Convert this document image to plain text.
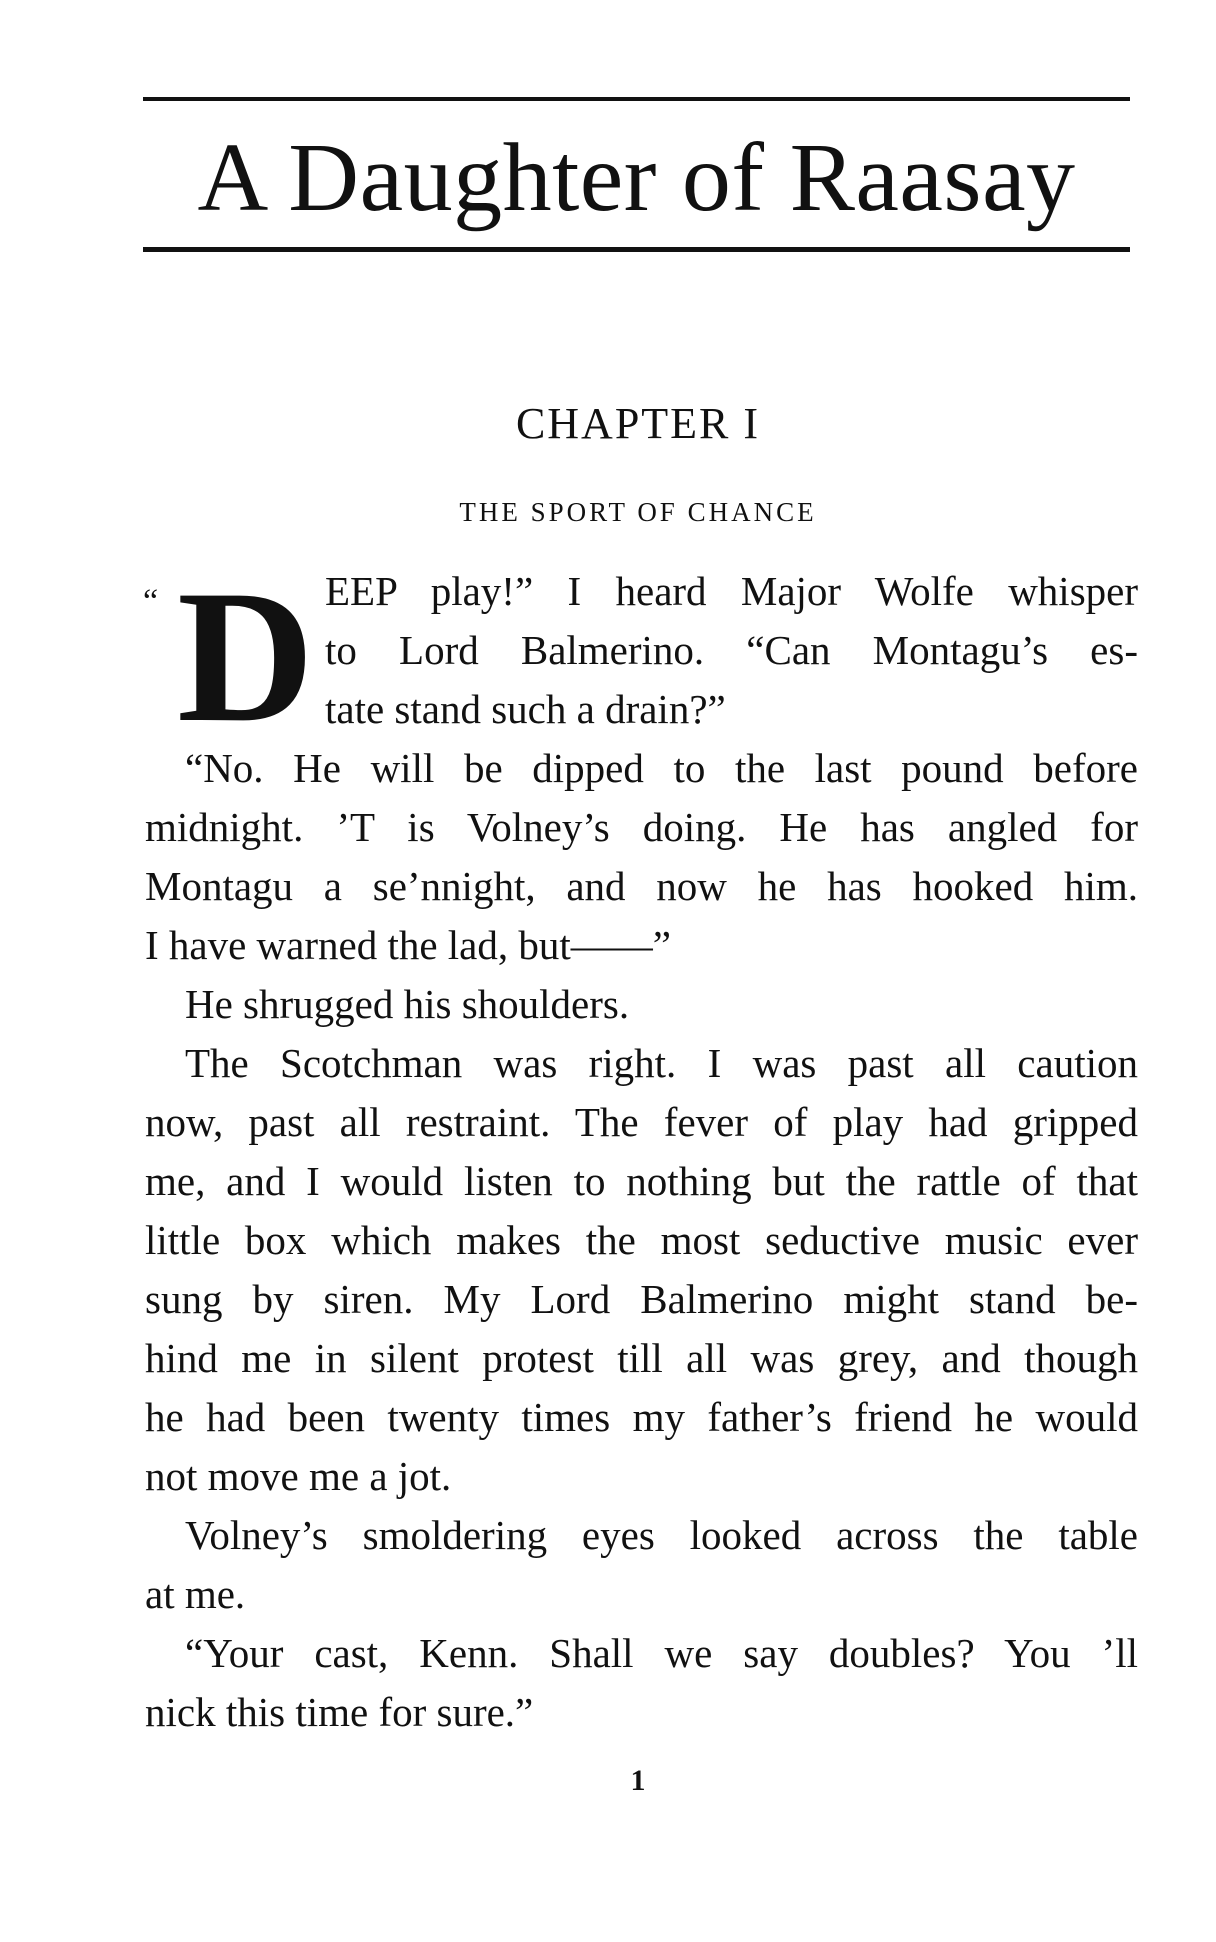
A Daughter of Raasay
CHAPTER I
THE SPORT OF CHANCE
“ D EEP play!” I heard Major Wolfe whisper
to Lord Balmerino. “Can Montagu’s es-
tate stand such a drain?”
“No. He will be dipped to the last pound before
midnight. ’T is Volney’s doing. He has angled for
Montagu a se’nnight, and now he has hooked him.
I have warned the lad, but——”
He shrugged his shoulders.
The Scotchman was right. I was past all caution
now, past all restraint. The fever of play had gripped
me, and I would listen to nothing but the rattle of that
little box which makes the most seductive music ever
sung by siren. My Lord Balmerino might stand be-
hind me in silent protest till all was grey, and though
he had been twenty times my father’s friend he would
not move me a jot.
Volney’s smoldering eyes looked across the table
at me.
“Your cast, Kenn. Shall we say doubles? You ’ll
nick this time for sure.”
1
